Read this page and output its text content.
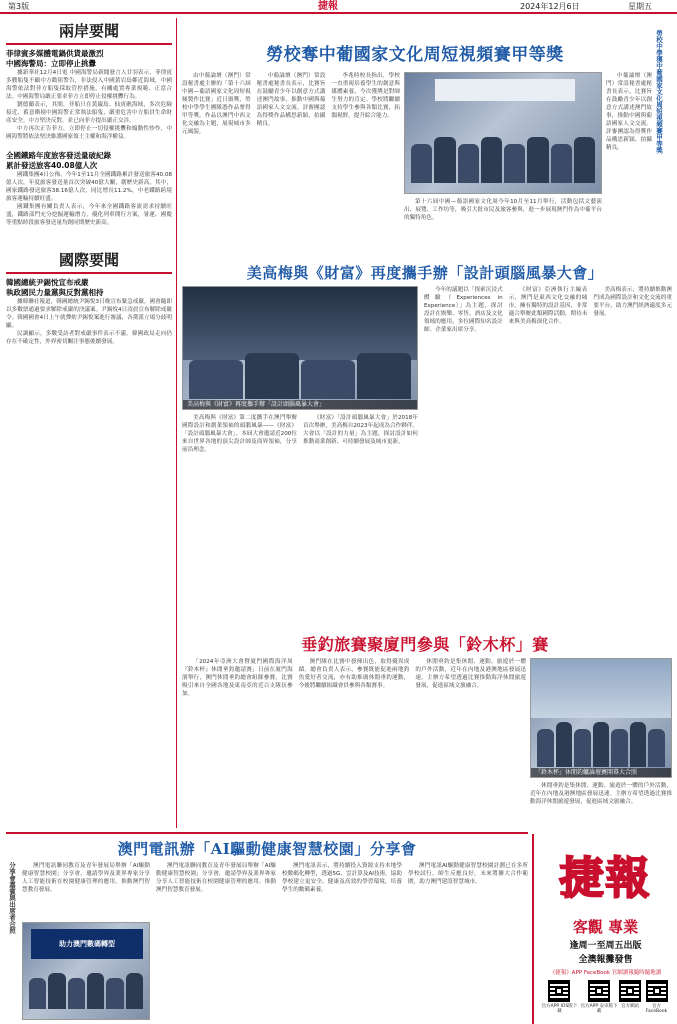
第3版	捷報	2024年12月6日	星期五
兩岸要聞
菲律賓多媒體電鍋供貨最激烈
中國海警局：立即停止挑釁

據新華社12月4日電 中國海警局新聞發言人甘羽表示，菲律賓多艘船隻不顧中方勸阻警告，非法侵入中國黃岩島鄰近海域，中國海警依法對菲方船隻採取管控措施，有關處置專業規範、正當合法。中國海警局嚴正要求菲方立即停止侵權挑釁行為。

劉德蘭表示，其間，菲船只在黃巖島、仙賓礁海域，多次危險接近、蓄意衝撞中國海警正常執法船隻，嚴重危害中方船員生命財產安全。中方堅決反對，並已向菲方提出嚴正交涉。

中方再次正告菲方，立即停止一切侵權挑釁和煽動性炒作，中國海警將依法堅決維護國家領土主權和海洋權益。

全國鐵路年度旅客發送量破紀錄
累計發送旅客40.08億人次

國鐵集團4日公佈，今年1至11月全國鐵路累計發送旅客40.08億人次，年度旅客發送量首次突破40億大關，創歷史新高。其中，國家鐵路發送旅客38.16億人次，同比增長11.2%，中老鐵路跨境旅客運輸持續旺盛。

國鐵集團有關負責人表示，今年來全國鐵路客流需求持續旺盛，鐵路部門充分挖掘運輸潛力，優化列車開行方案，暑運、國慶等重點時段旅客發送量均創同期歷史新高。

國際要聞
韓國總統尹錫悅宣布戒嚴
執政國民力量黨與反對黨相持

據韓聯社報道，韓國總統尹錫悅3日晚宣布緊急戒嚴，國會隨即以多數票通過要求解除戒嚴的決議案。尹錫悅4日凌晨宣布解除戒嚴令。韓國國會4日上午就彈劾尹錫悅案進行審議，各黨派立場分歧明顯。

民調顯示，多數受訪者對戒嚴事件表示不滿。韓國政局走向仍存在不確定性，外界密切關注事態後續發展。

勞校奪中葡國家文化周短視頻賽甲等獎	勞校中學獲中葡國家文化周短視頻賽甲等獎

由中葡論壇（澳門）常設秘書處主辦的「第十六屆中國—葡語國家文化周短視頻製作比賽」近日頒獎，勞校中學學生團隊憑作品奪得甲等獎。作品以澳門中西文化交融為主題，展現城市多元風貌。

中葡論壇（澳門）常設秘書處秘書長表示，比賽旨在鼓勵青少年以創意方式講述澳門故事，推動中國與葡語國家人文交流。評審團認為得獎作品構思新穎、拍攝精良。

李兆時校長指出，學校一直重視培養學生的創意與媒體素養，今次獲獎是對師生努力的肯定。學校將繼續支持學生參與各類比賽，拓闊視野，提升綜合能力。

第十六屆中國—葡語國家文化周今年10月至11月舉行，活動包括文藝演出、展覽、工作坊等，吸引大批市民及旅客參與，進一步展現澳門作為中葡平台的獨特角色。

中葡論壇（澳門）常設秘書處秘書長表示，比賽旨在鼓勵青少年以創意方式講述澳門故事，推動中國與葡語國家人文交流。評審團認為得獎作品構思新穎、拍攝精良。

美高梅與《財富》再度攜手辦「設計頭腦風暴大會」
美高梅與《財富》再度攜手辦「設計頭腦風暴大會」

美高梅與《財富》第二度攜手在澳門舉辦國際設計和創業領袖的頭腦風暴——《財富》「設計頭腦風暴大會」。本屆大會邀請近200位來自世界各地的頂尖設計師及商界領袖，分享前沿理念。

《財富》「設計頭腦風暴大會」於2018年首次舉辦，美高梅自2023年起成為合作夥伴。大會以「設計的力量」為主題，探討設計如何推動商業創新、可持續發展及城市更新。

今年的議題以「探索沉浸式體驗（Experiences in Experience）」為主題，探討設計在娛樂、零售、酒店及文化領域的應用，多位國際知名設計師、企業家出席分享。

《財富》亞洲執行主編表示，澳門是東西文化交融的城市，擁有獨特的設計基因，非常適合舉辦此類國際活動，期待未來與美高梅深化合作。

美高梅表示，將持續推動澳門成為國際設計和文化交流的重要平台，助力澳門經濟適度多元發展。

垂釣旅賽聚廈門參與「鈴木杯」賽

「2024年亞洲大會暨廈門國際海洋周『鈴木杯』休閒垂釣邀請賽」日前在廈門海濱舉行，澳門休閒垂釣總會組隊參賽。比賽吸引來自全國各地及東南亞的近百支隊伍參加。

澳門隊在比賽中發揮出色，取得優異成績。總會負責人表示，參賽既能促進兩地釣魚愛好者交流，亦有助推廣休閒垂釣運動，今後將繼續組織會員參與各類賽事。

休閒垂釣是集休閒、運動、旅遊於一體的戶外活動，近年在內地及港澳地區發展迅速。主辦方希望透過比賽推動海洋休閒旅遊發展，促進區域文旅融合。

「鈴木杯」休閒釣鱸論壇賽開幕大合照

休閒垂釣是集休閒、運動、旅遊於一體的戶外活動，近年在內地及港澳地區發展迅速。主辦方希望透過比賽推動海洋休閒旅遊發展，促進區域文旅融合。

澳門電訊辦「AI驅動健康智慧校園」分享會
分享會嘉賓與出席者合照	澳門電訊聯同教育及青年發展局舉辦「AI驅動健康智慧校園」分享會，邀請學界及業界專家分享人工智能技術在校園健康管理的應用，推動澳門智慧教育發展。

助力澳門數碼轉型

澳門電訊聯同教育及青年發展局舉辦「AI驅動健康智慧校園」分享會，邀請學界及業界專家分享人工智能技術在校園健康管理的應用，推動澳門智慧教育發展。

澳門電訊表示，將持續投入資源支持本地學校數碼化轉型，透過5G、雲計算及AI技術，協助學校建立更安全、健康及高效的學習環境，培養學生的數碼素養。

澳門電訊AI驅動健康智慧校園計劃已在多所學校試行，師生反應良好。未來將擴大合作範圍，助力澳門建設智慧城市。	捷報
客觀 專業
逢周一至周五出版
全澳報攤發售
《捷報》APP FaceBook 官網讀報隨時隨地讀
官方APP IOS版下載
官方APP 安卓版下載
官方網站	官方 FaceBook
